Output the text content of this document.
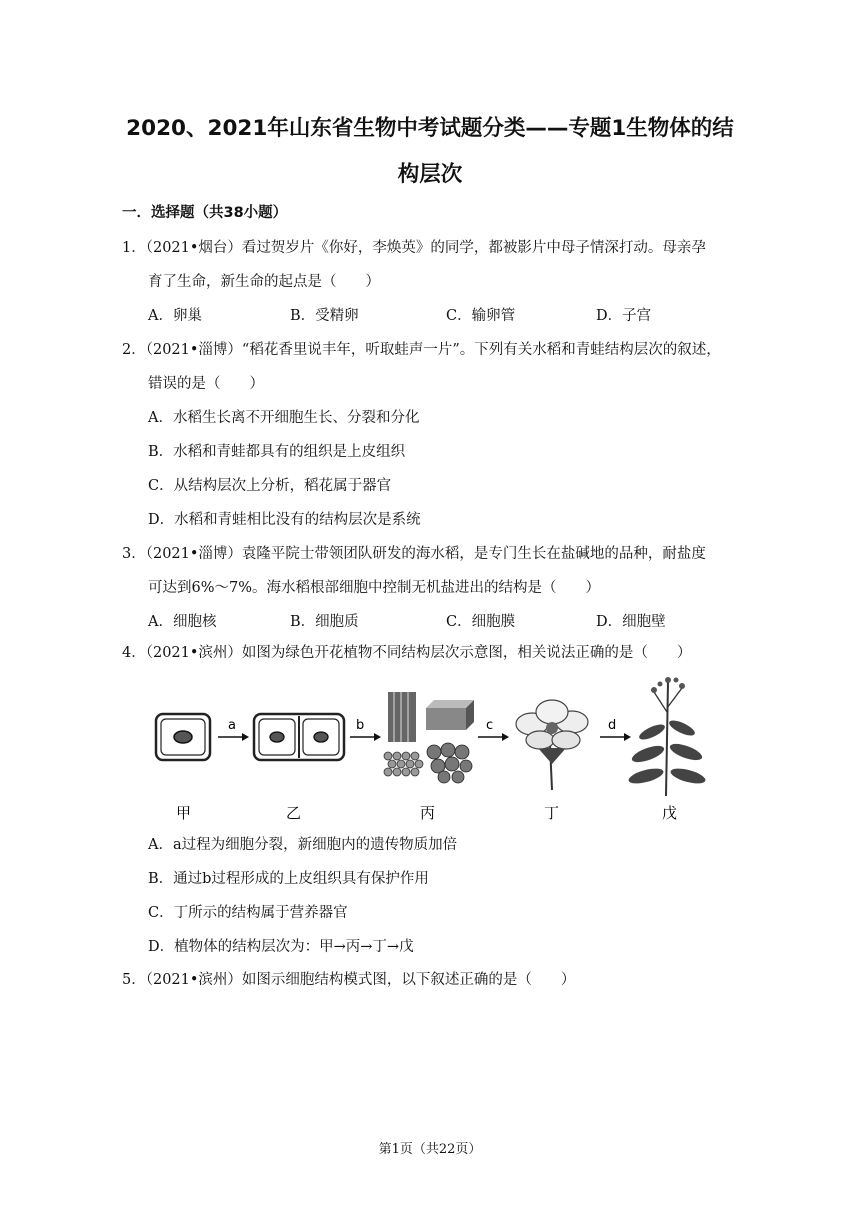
2020、2021年山东省生物中考试题分类——专题1生物体的结
构层次
一．选择题（共38小题）
1．（2021•烟台）看过贺岁片《你好，李焕英》的同学，都被影片中母子情深打动。母亲孕
育了生命，新生命的起点是（　　）
A．卵巢	B．受精卵	C．输卵管	D．子宫
2．（2021•淄博）“稻花香里说丰年，听取蛙声一片”。下列有关水稻和青蛙结构层次的叙述，
错误的是（　　）
A．水稻生长离不开细胞生长、分裂和分化
B．水稻和青蛙都具有的组织是上皮组织
C．从结构层次上分析，稻花属于器官
D．水稻和青蛙相比没有的结构层次是系统
3．（2021•淄博）袁隆平院士带领团队研发的海水稻，是专门生长在盐碱地的品种，耐盐度
可达到6%～7%。海水稻根部细胞中控制无机盐进出的结构是（　　）
A．细胞核	B．细胞质	C．细胞膜	D．细胞壁
4．（2021•滨州）如图为绿色开花植物不同结构层次示意图，相关说法正确的是（　　）
a	b	c	d
甲	乙	丙	丁	戊
A．a过程为细胞分裂，新细胞内的遗传物质加倍
B．通过b过程形成的上皮组织具有保护作用
C．丁所示的结构属于营养器官
D．植物体的结构层次为：甲→丙→丁→戊
5．（2021•滨州）如图示细胞结构模式图，以下叙述正确的是（　　）
第1页（共22页）
